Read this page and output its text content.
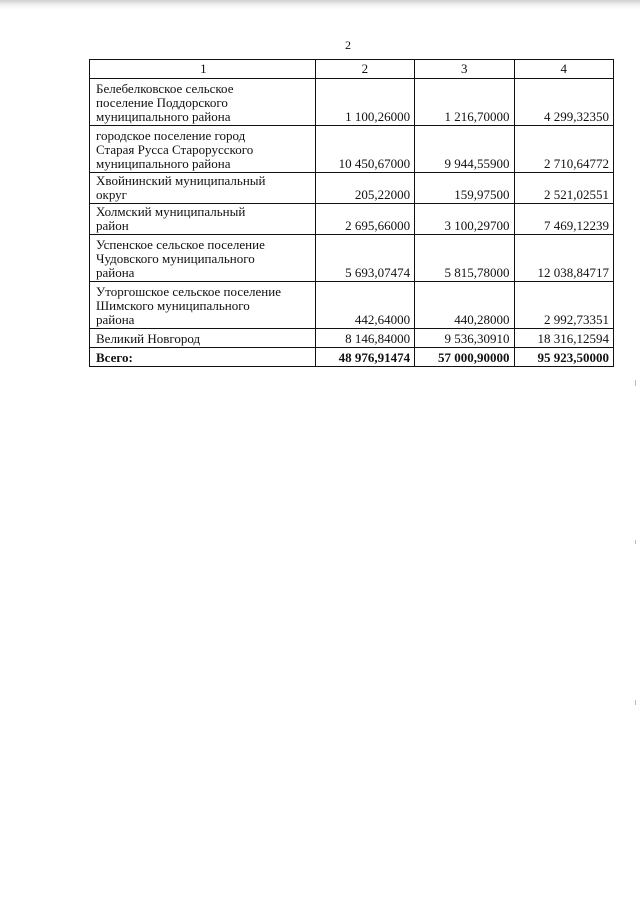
2
1	2	3	4

Белебелковское сельское
поселение Поддорского
муниципального района	1 100,26000	1 216,70000	4 299,32350

городское поселение город
Старая Русса Старорусского
муниципального района	10 450,67000	9 944,55900	2 710,64772

Хвойнинский муниципальный
округ	205,22000	159,97500	2 521,02551

Холмский муниципальный
район	2 695,66000	3 100,29700	7 469,12239

Успенское сельское поселение
Чудовского муниципального
района	5 693,07474	5 815,78000	12 038,84717

Уторгошское сельское поселение
Шимского муниципального
района	442,64000	440,28000	2 992,73351

Великий Новгород	8 146,84000	9 536,30910	18 316,12594
Всего:	48 976,91474	57 000,90000	95 923,50000
